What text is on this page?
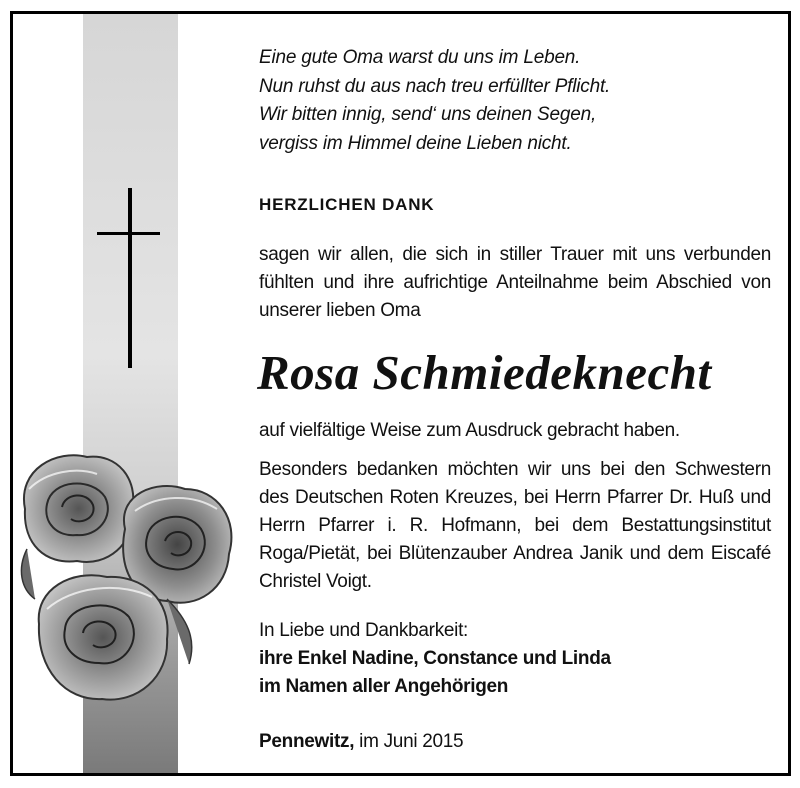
Eine gute Oma warst du uns im Leben.
Nun ruhst du aus nach treu erfüllter Pflicht.
Wir bitten innig, send‘ uns deinen Segen,
vergiss im Himmel deine Lieben nicht.
HERZLICHEN DANK
sagen wir allen, die sich in stiller Trauer mit uns verbunden fühlten und ihre aufrichtige Anteilnahme beim Abschied von unserer lieben Oma
Rosa Schmiedeknecht
auf vielfältige Weise zum Ausdruck gebracht haben.
Besonders bedanken möchten wir uns bei den Schwestern des Deutschen Roten Kreuzes, bei Herrn Pfarrer Dr. Huß und Herrn Pfarrer i. R. Hofmann, bei dem Bestattungsinstitut Roga/Pietät, bei Blütenzauber Andrea Janik und dem Eiscafé Christel Voigt.
In Liebe und Dankbarkeit:
ihre Enkel Nadine, Constance und Linda
im Namen aller Angehörigen
Pennewitz, im Juni 2015
